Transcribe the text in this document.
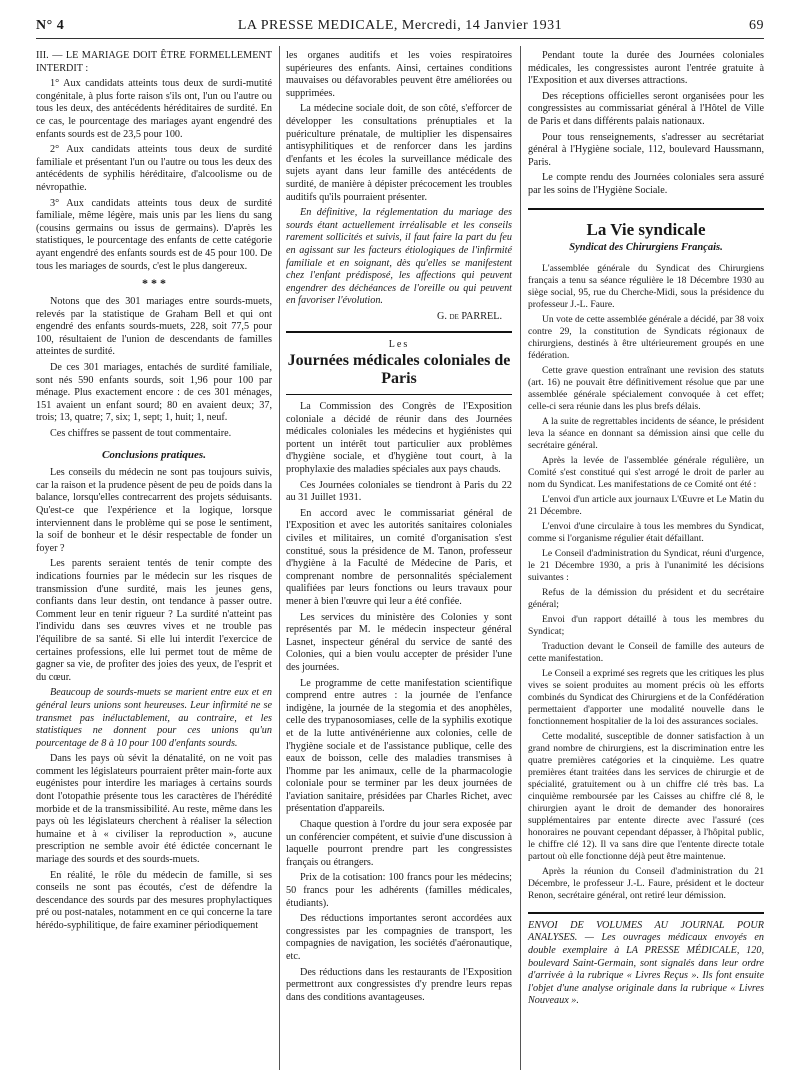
N° 4	LA PRESSE MEDICALE, Mercredi, 14 Janvier 1931	69

III. — LE MARIAGE DOIT ÊTRE FORMELLEMENT INTERDIT :

1° Aux candidats atteints tous deux de surdi-mutité congénitale, à plus forte raison s'ils ont, l'un ou l'autre ou tous les deux, des antécédents héréditaires de surdité. En ce cas, le pourcentage des mariages ayant engendré des enfants sourds est de 23,5 pour 100.

2° Aux candidats atteints tous deux de surdité familiale et présentant l'un ou l'autre ou tous les deux des antécédents de syphilis héréditaire, d'alcoolisme ou de névropathie.

3° Aux candidats atteints tous deux de surdité familiale, même légère, mais unis par les liens du sang (cousins germains ou issus de germains). D'après les statistiques, le pourcentage des enfants de cette catégorie ayant engendré des enfants sourds est de 45 pour 100. De tous les mariages de sourds, c'est le plus dangereux.

* * *

Notons que des 301 mariages entre sourds-muets, relevés par la statistique de Graham Bell et qui ont engendré des enfants sourds-muets, 228, soit 77,5 pour 100, résultaient de l'union de descendants de familles atteintes de surdité.

De ces 301 mariages, entachés de surdité familiale, sont nés 590 enfants sourds, soit 1,96 pour 100 par ménage. Plus exactement encore : de ces 301 ménages, 151 avaient un enfant sourd; 80 en avaient deux; 37, trois; 13, quatre; 7, six; 1, sept; 1, huit; 1, neuf.

Ces chiffres se passent de tout commentaire.

Conclusions pratiques.

Les conseils du médecin ne sont pas toujours suivis, car la raison et la prudence pèsent de peu de poids dans la balance, lorsqu'elles contrecarrent des projets séduisants. Qu'est-ce que l'expérience et la logique, lorsque interviennent dans le problème qui se pose le sentiment, la soif de bonheur et le désir respectable de fonder un foyer ?

Les parents seraient tentés de tenir compte des indications fournies par le médecin sur les risques de transmission d'une surdité, mais les jeunes gens, confiants dans leur destin, ont tendance à passer outre. Comment leur en tenir rigueur ? La surdité n'atteint pas l'individu dans ses œuvres vives et ne trouble pas l'équilibre de sa santé. Si elle lui interdit l'exercice de certaines professions, elle lui permet tout de même de gagner sa vie, de profiter des joies des yeux, de l'esprit et du cœur.

Beaucoup de sourds-muets se marient entre eux et en général leurs unions sont heureuses. Leur infirmité ne se transmet pas inéluctablement, au contraire, et les statistiques ne donnent pour ces unions qu'un pourcentage de 8 à 10 pour 100 d'enfants sourds.

Dans les pays où sévit la dénatalité, on ne voit pas comment les législateurs pourraient prêter main-forte aux eugénistes pour interdire les mariages à certains sourds dont l'otopathie présente tous les caractères de l'hérédité morbide et de la transmissibilité. Au reste, même dans les pays où les législateurs cherchent à réaliser la sélection humaine et à « civiliser la reproduction », aucune prescription ne semble avoir été édictée concernant le mariage des sourds et des sourds-muets.

En réalité, le rôle du médecin de famille, si ses conseils ne sont pas écoutés, c'est de défendre la descendance des sourds par des mesures prophylactiques pré ou post-natales, notamment en ce qui concerne la tare hérédo-syphilitique, de faire examiner périodiquement

les organes auditifs et les voies respiratoires supérieures des enfants. Ainsi, certaines conditions mauvaises ou défavorables peuvent être améliorées ou supprimées.

La médecine sociale doit, de son côté, s'efforcer de développer les consultations prénuptiales et la puériculture prénatale, de multiplier les dispensaires antisyphilitiques et de renforcer dans les jardins d'enfants et les écoles la surveillance médicale des sujets ayant dans leur famille des antécédents de surdité, de manière à dépister précocement les troubles auditifs qu'ils pourraient présenter.

En définitive, la réglementation du mariage des sourds étant actuellement irréalisable et les conseils rarement sollicités et suivis, il faut faire la part du feu en agissant sur les facteurs étiologiques de l'infirmité familiale et en soignant, dès qu'elles se manifestent chez l'enfant prédisposé, les affections qui peuvent engendrer des déchéances de l'oreille ou qui peuvent en favoriser l'évolution.

G. de PARREL.

Les
Journées médicales coloniales de Paris

La Commission des Congrès de l'Exposition coloniale a décidé de réunir dans des Journées médicales coloniales les médecins et hygiénistes qui portent un intérêt tout particulier aux problèmes d'hygiène sociale, et d'hygiène tout court, à la prophylaxie des maladies spéciales aux pays chauds.

Ces Journées coloniales se tiendront à Paris du 22 au 31 Juillet 1931.

En accord avec le commissariat général de l'Exposition et avec les autorités sanitaires coloniales civiles et militaires, un comité d'organisation s'est constitué, sous la présidence de M. Tanon, professeur d'hygiène à la Faculté de Médecine de Paris, et comprenant nombre de personnalités spécialement qualifiées par leurs fonctions ou leurs travaux pour mener à bien l'œuvre qui leur a été confiée.

Les services du ministère des Colonies y sont représentés par M. le médecin inspecteur général Lasnet, inspecteur général du service de santé des Colonies, qui a bien voulu accepter de présider l'une des journées.

Le programme de cette manifestation scientifique comprend entre autres : la journée de l'enfance indigène, la journée de la stegomia et des anophèles, celle des trypanosomiases, celle de la syphilis exotique et de la lutte antivénérienne aux colonies, celle de l'hygiène sociale et de l'assistance publique, celle des eaux de boisson, celle des maladies transmises à l'homme par les animaux, celle de la pharmacologie coloniale pour se terminer par les deux journées de l'aviation sanitaire, présidées par Charles Richet, avec présentation d'appareils.

Chaque question à l'ordre du jour sera exposée par un conférencier compétent, et suivie d'une discussion à laquelle pourront prendre part les congressistes français ou étrangers.

Prix de la cotisation: 100 francs pour les médecins; 50 francs pour les adhérents (familles médicales, étudiants).

Des réductions importantes seront accordées aux congressistes par les compagnies de transport, les compagnies de navigation, les sociétés d'aéronautique, etc.

Des réductions dans les restaurants de l'Exposition permettront aux congressistes d'y prendre leurs repas dans des conditions avantageuses.

Pendant toute la durée des Journées coloniales médicales, les congressistes auront l'entrée gratuite à l'Exposition et aux diverses attractions.

Des réceptions officielles seront organisées pour les congressistes au commissariat général à l'Hôtel de Ville de Paris et dans différents palais nationaux.

Pour tous renseignements, s'adresser au secrétariat général à l'Hygiène sociale, 112, boulevard Haussmann, Paris.

Le compte rendu des Journées coloniales sera assuré par les soins de l'Hygiène Sociale.

La Vie syndicale
Syndicat des Chirurgiens Français.

L'assemblée générale du Syndicat des Chirurgiens français a tenu sa séance régulière le 18 Décembre 1930 au siège social, 95, rue du Cherche-Midi, sous la présidence du professeur J.-L. Faure.

Un vote de cette assemblée générale a décidé, par 38 voix contre 29, la constitution de Syndicats régionaux de chirurgiens, destinés à être ultérieurement groupés en une fédération.

Cette grave question entraînant une revision des statuts (art. 16) ne pouvait être définitivement résolue que par une assemblée générale spécialement convoquée à cet effet; celle-ci sera réunie dans les plus brefs délais.

A la suite de regrettables incidents de séance, le président leva la séance en donnant sa démission ainsi que celle du secrétaire général.

Après la levée de l'assemblée générale régulière, un Comité s'est constitué qui s'est arrogé le droit de parler au nom du Syndicat. Les manifestations de ce Comité ont été :

L'envoi d'un article aux journaux L'Œuvre et Le Matin du 21 Décembre.

L'envoi d'une circulaire à tous les membres du Syndicat, comme si l'organisme régulier était défaillant.

Le Conseil d'administration du Syndicat, réuni d'urgence, le 21 Décembre 1930, a pris à l'unanimité les décisions suivantes :

Refus de la démission du président et du secrétaire général;

Envoi d'un rapport détaillé à tous les membres du Syndicat;

Traduction devant le Conseil de famille des auteurs de cette manifestation.

Le Conseil a exprimé ses regrets que les critiques les plus vives se soient produites au moment précis où les efforts combinés du Syndicat des Chirurgiens et de la Confédération permettaient d'apporter une modalité nouvelle dans le fonctionnement hospitalier de la loi des assurances sociales.

Cette modalité, susceptible de donner satisfaction à un grand nombre de chirurgiens, est la discrimination entre les quatre premières catégories et la cinquième. Les quatre premières étant traitées dans les services de chirurgie et de spécialité, gratuitement ou à un chiffre clé très bas. La cinquième remboursée par les Caisses au chiffre clé 8, le chirurgien ayant le droit de demander des honoraires supplémentaires par entente directe avec l'assuré (ces honoraires ne pouvant cependant dépasser, à l'hôpital public, le chiffre clé 12). Il va sans dire que l'entente directe totale partout où elle fonctionne déjà peut être maintenue.

Après la réunion du Conseil d'administration du 21 Décembre, le professeur J.-L. Faure, président et le docteur Renon, secrétaire général, ont retiré leur démission.

ENVOI DE VOLUMES AU JOURNAL POUR ANALYSES. — Les ouvrages médicaux envoyés en double exemplaire à LA PRESSE MÉDICALE, 120, boulevard Saint-Germain, sont signalés dans leur ordre d'arrivée à la rubrique « Livres Reçus ». Ils font ensuite l'objet d'une analyse originale dans la rubrique « Livres Nouveaux ».
